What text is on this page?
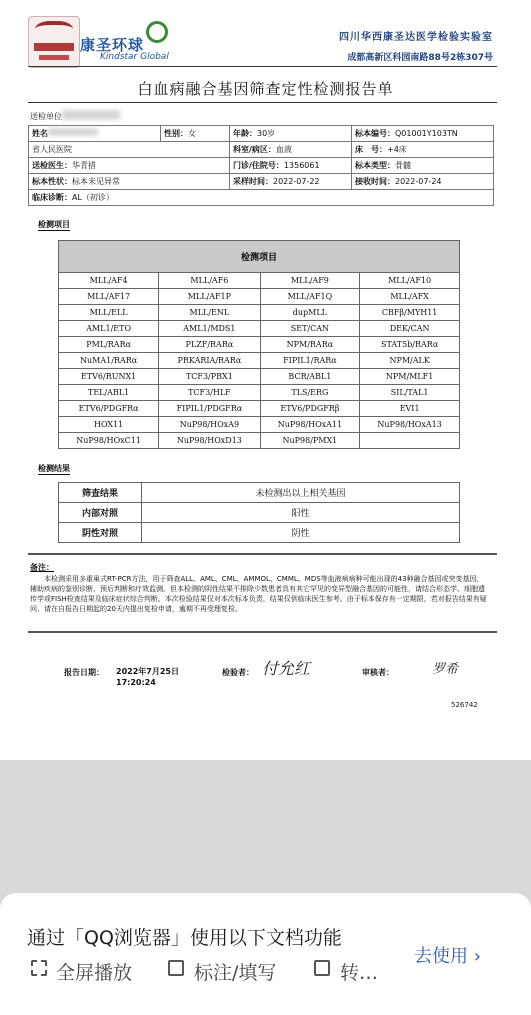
康圣环球
Kindstar Global
四川华西康圣达医学检验实验室
成都高新区科园南路88号2栋307号
白血病融合基因筛查定性检测报告单
送检单位
姓名	性别：女	年龄：30岁	标本编号：Q01001Y103TN

省人民医院		科室/病区：血液	床　号：+4床
送检医生：华青措		门诊/住院号：1356061	标本类型：骨髓
标本性状：标本未见异常		采样时间：2022-07-22	接收时间：2022-07-24
临床诊断：AL（初诊）			
检测项目
检测项目			
MLL/AF4	MLL/AF6	MLL/AF9	MLL/AF10
MLL/AF17	MLL/AF1P	MLL/AF1Q	MLL/AFX
MLL/ELL	MLL/ENL	dupMLL	CBFβ/MYH11
AML1/ETO	AML1/MDS1	SET/CAN	DEK/CAN
PML/RARα	PLZF/RARα	NPM/RARα	STAT5b/RARα
NuMA1/RARα	PRKARIA/RARα	FIPIL1/RARα	NPM/ALK
ETV6/RUNX1	TCF3/PBX1	BCR/ABL1	NPM/MLF1
TEL/ABL1	TCF3/HLF	TLS/ERG	SIL/TAL1
ETV6/PDGFRα	FIPIL1/PDGFRα	ETV6/PDGFRβ	EVI1
HOX11	NuP98/HOxA9	NuP98/HOxA11	NuP98/HOxA13
NuP98/HOxC11	NuP98/HOxD13	NuP98/PMX1	
检测结果
筛查结果	未检测出以上相关基因
内部对照	阳性
阴性对照	阴性
备注：
本检测采用多重巢式RT-PCR方法，用于筛查ALL、AML、CML、AMMOL、CMML、MDS等血液病病种可能出现的43种融合基因或突变基因，辅助疾病的鉴别诊断、预后判断和疗效监测。但本检测的阴性结果不排除少数患者具有其它罕见的变异型融合基因的可能性，请结合形态学、细胞遗传学或FISH检查结果及临床症状综合判断。本次检验结果仅对本次标本负责，结果仅供临床医生参考。由于标本保存有一定期限，若对报告结果有疑问，请在自报告日期起的20天内提出复检申请，逾期不再受理复检。
报告日期： 2022年7月25日
17:20:24
检验者： 付允红	审核者：	罗希
526742
通过「QQ浏览器」使用以下文档功能
全屏播放	标注/填写	转…
去使用 ›
